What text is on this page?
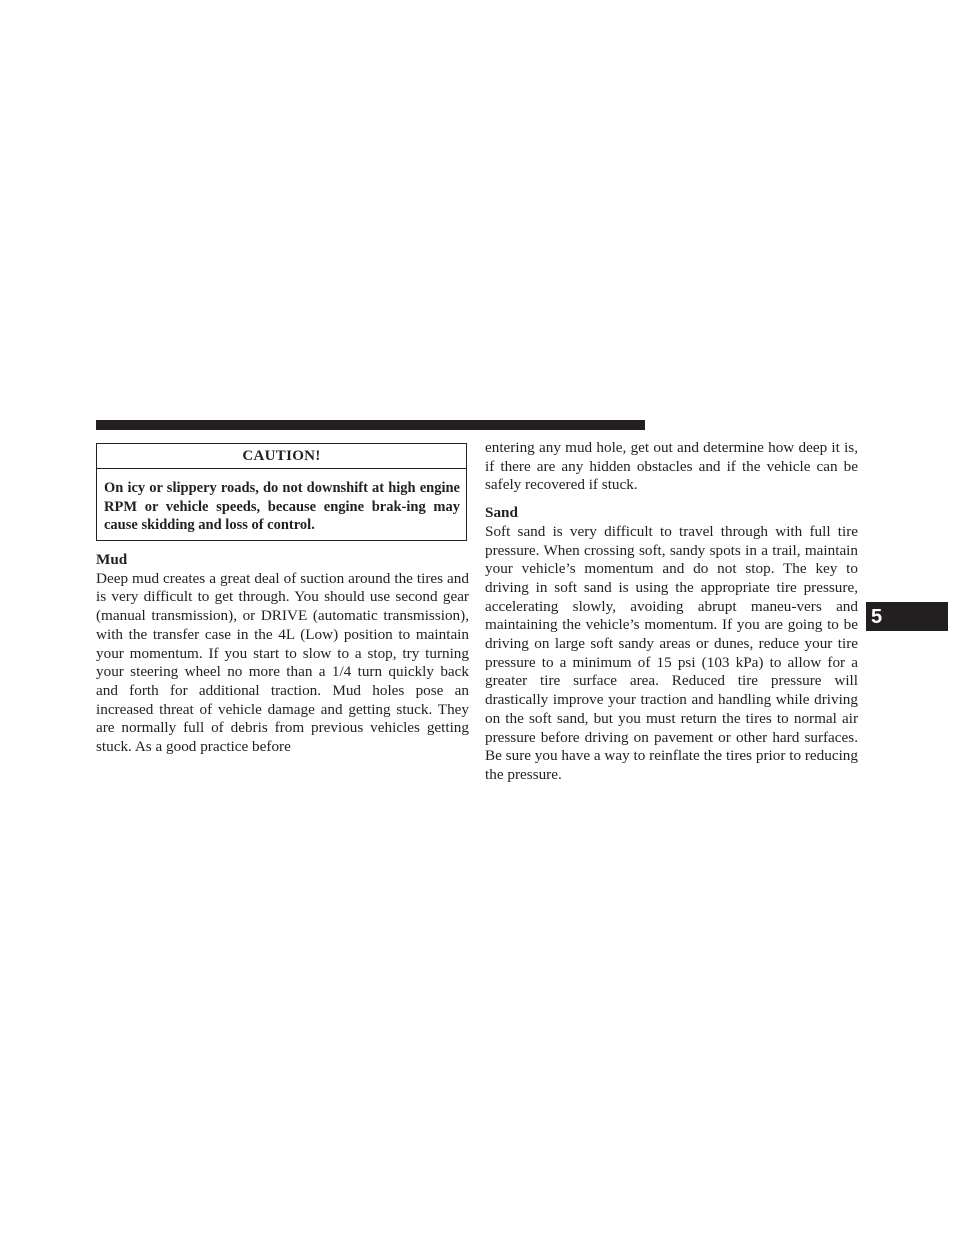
CAUTION!
On icy or slippery roads, do not downshift at high engine RPM or vehicle speeds, because engine brak-ing may cause skidding and loss of control.

Mud

Deep mud creates a great deal of suction around the tires and is very difficult to get through. You should use second gear (manual transmission), or DRIVE (automatic transmission), with the transfer case in the 4L (Low) position to maintain your momentum. If you start to slow to a stop, try turning your steering wheel no more than a 1/4 turn quickly back and forth for additional traction. Mud holes pose an increased threat of vehicle damage and getting stuck. They are normally full of debris from previous vehicles getting stuck. As a good practice before

entering any mud hole, get out and determine how deep it is, if there are any hidden obstacles and if the vehicle can be safely recovered if stuck.

Sand

Soft sand is very difficult to travel through with full tire pressure. When crossing soft, sandy spots in a trail, maintain your vehicle’s momentum and do not stop. The key to driving in soft sand is using the appropriate tire pressure, accelerating slowly, avoiding abrupt maneu-vers and maintaining the vehicle’s momentum. If you are going to be driving on large soft sandy areas or dunes, reduce your tire pressure to a minimum of 15 psi (103 kPa) to allow for a greater tire surface area. Reduced tire pressure will drastically improve your traction and handling while driving on the soft sand, but you must return the tires to normal air pressure before driving on pavement or other hard surfaces. Be sure you have a way to reinflate the tires prior to reducing the pressure.

5
